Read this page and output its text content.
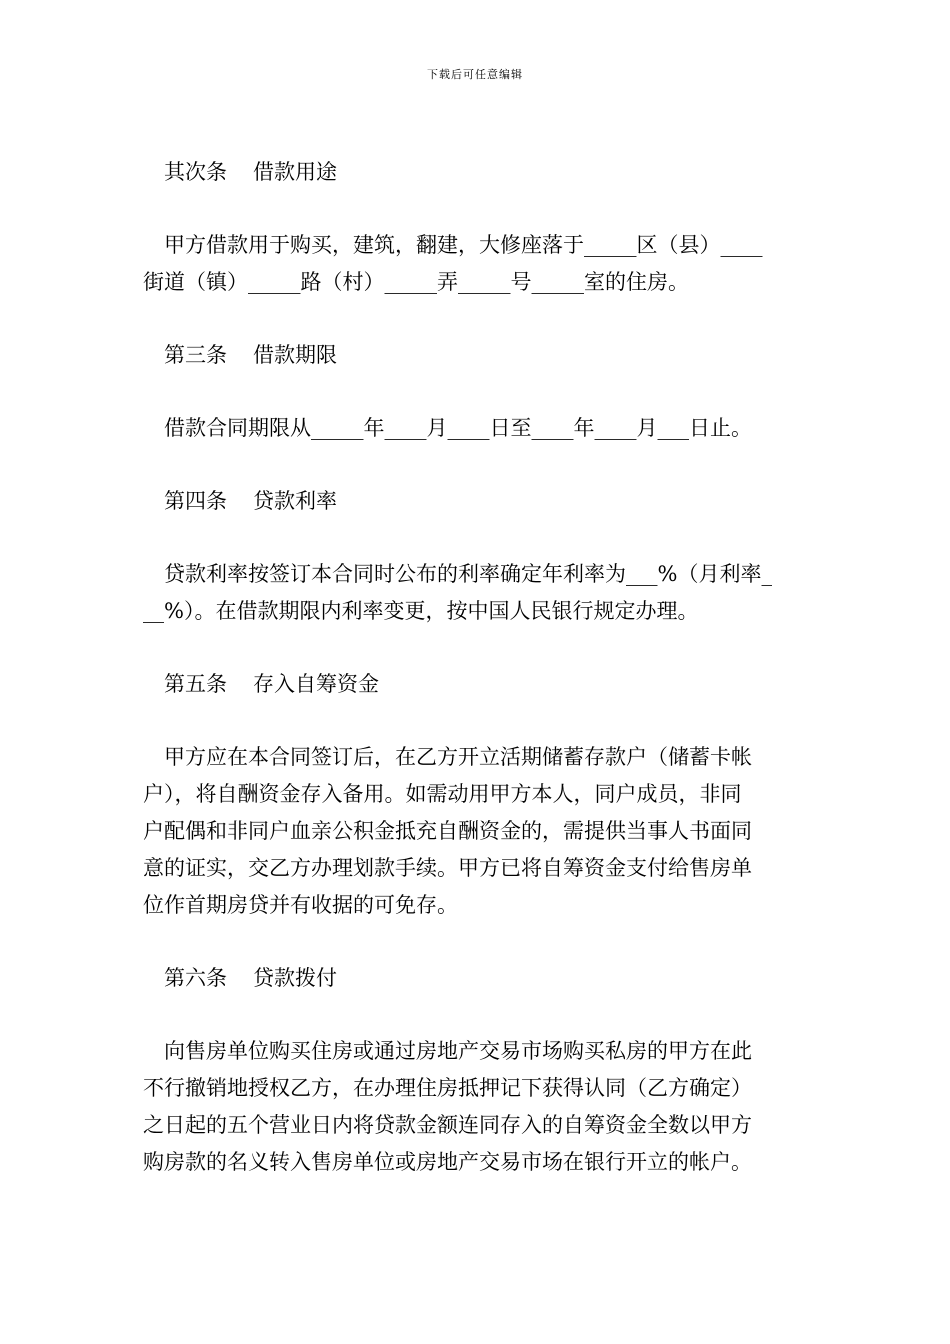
下载后可任意编辑
其次条 借款用途
甲方借款用于购买，建筑，翻建，大修座落于_____区（县）____
街道（镇）_____路（村）_____弄_____号_____室的住房。
第三条 借款期限
借款合同期限从_____年____月____日至____年____月___日止。
第四条 贷款利率
贷款利率按签订本合同时公布的利率确定年利率为___%（月利率_
__%）。在借款期限内利率变更，按中国人民银行规定办理。
第五条 存入自筹资金
甲方应在本合同签订后，在乙方开立活期储蓄存款户（储蓄卡帐
户），将自酬资金存入备用。如需动用甲方本人，同户成员，非同
户配偶和非同户血亲公积金抵充自酬资金的，需提供当事人书面同
意的证实，交乙方办理划款手续。甲方已将自筹资金支付给售房单
位作首期房贷并有收据的可免存。
第六条 贷款拨付
向售房单位购买住房或通过房地产交易市场购买私房的甲方在此
不行撤销地授权乙方，在办理住房抵押记下获得认同（乙方确定）
之日起的五个营业日内将贷款金额连同存入的自筹资金全数以甲方
购房款的名义转入售房单位或房地产交易市场在银行开立的帐户。
